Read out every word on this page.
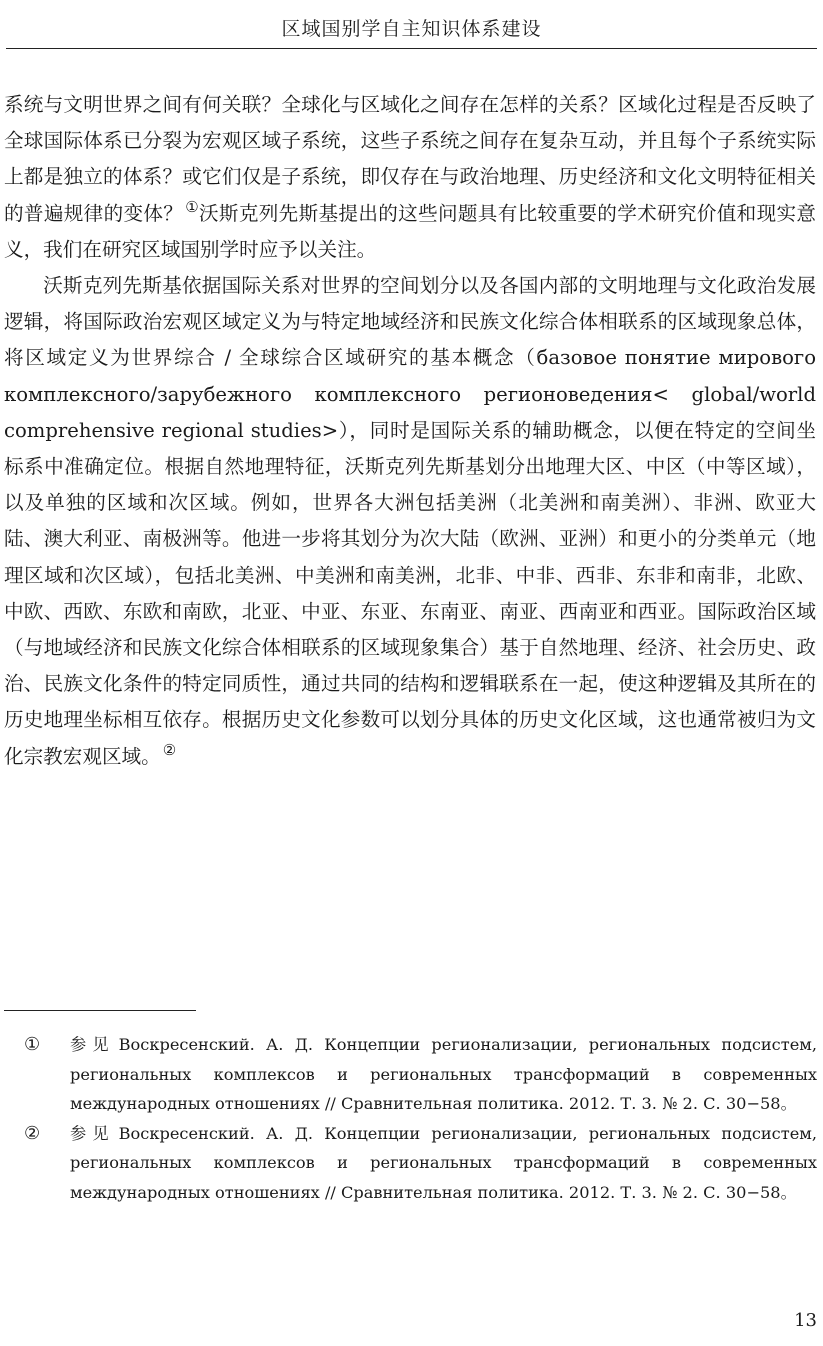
区域国别学自主知识体系建设

系统与文明世界之间有何关联？全球化与区域化之间存在怎样的关系？区域化过程是否反映了全球国际体系已分裂为宏观区域子系统，这些子系统之间存在复杂互动，并且每个子系统实际上都是独立的体系？或它们仅是子系统，即仅存在与政治地理、历史经济和文化文明特征相关的普遍规律的变体？ ①沃斯克列先斯基提出的这些问题具有比较重要的学术研究价值和现实意义，我们在研究区域国别学时应予以关注。

沃斯克列先斯基依据国际关系对世界的空间划分以及各国内部的文明地理与文化政治发展逻辑，将国际政治宏观区域定义为与特定地域经济和民族文化综合体相联系的区域现象总体，将区域定义为世界综合 / 全球综合区域研究的基本概念（базовое понятие мирового комплексного/зарубежного комплексного регионоведения< global/world comprehensive regional studies>），同时是国际关系的辅助概念，以便在特定的空间坐标系中准确定位。根据自然地理特征，沃斯克列先斯基划分出地理大区、中区（中等区域），以及单独的区域和次区域。例如，世界各大洲包括美洲（北美洲和南美洲）、非洲、欧亚大陆、澳大利亚、南极洲等。他进一步将其划分为次大陆（欧洲、亚洲）和更小的分类单元（地理区域和次区域），包括北美洲、中美洲和南美洲，北非、中非、西非、东非和南非，北欧、中欧、西欧、东欧和南欧，北亚、中亚、东亚、东南亚、南亚、西南亚和西亚。国际政治区域（与地域经济和民族文化综合体相联系的区域现象集合）基于自然地理、经济、社会历史、政治、民族文化条件的特定同质性，通过共同的结构和逻辑联系在一起，使这种逻辑及其所在的历史地理坐标相互依存。根据历史文化参数可以划分具体的历史文化区域，这也通常被归为文化宗教宏观区域。 ②

① 参见 Воскресенский. А. Д. Концепции регионализации, региональных подсистем, региональных комплексов и региональных трансформаций в современных международных отношениях // Сравнительная политика. 2012. Т. 3. № 2. С. 30−58。
② 参见 Воскресенский. А. Д. Концепции регионализации, региональных подсистем, региональных комплексов и региональных трансформаций в современных международных отношениях // Сравнительная политика. 2012. Т. 3. № 2. С. 30−58。
13
